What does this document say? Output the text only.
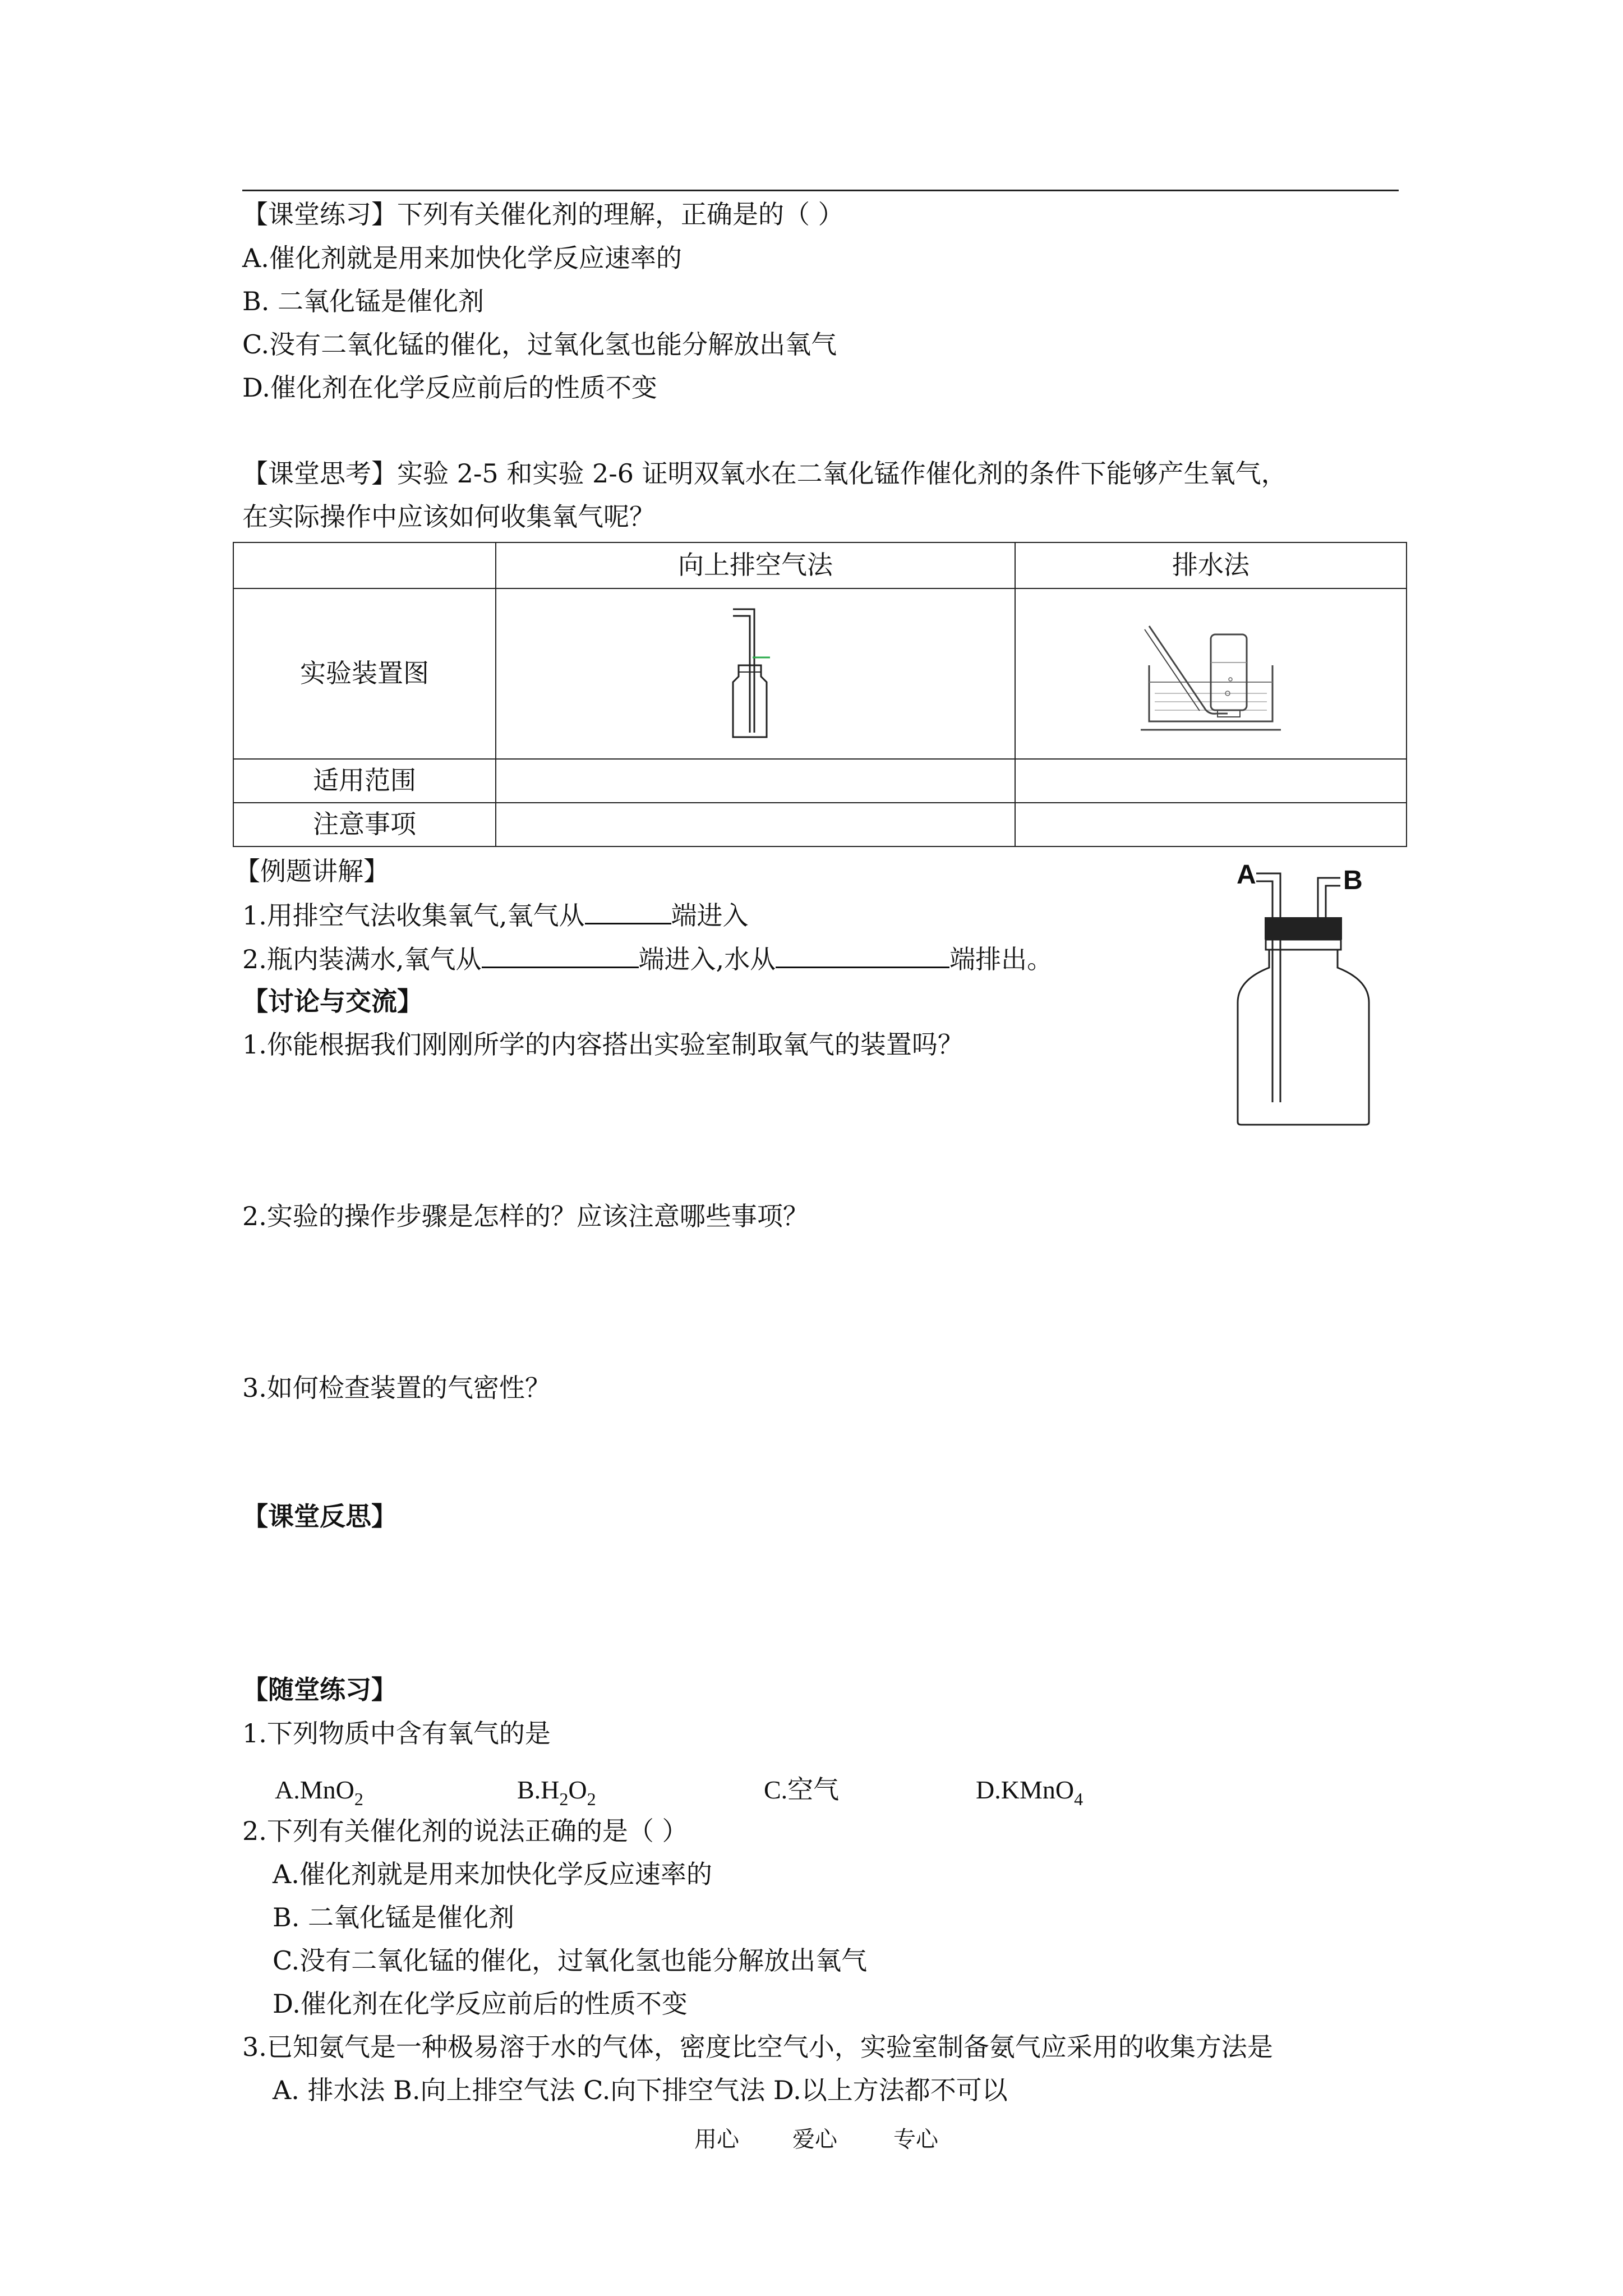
【课堂练习】下列有关催化剂的理解，正确是的（ ）
A.催化剂就是用来加快化学反应速率的
B. 二氧化锰是催化剂
C.没有二氧化锰的催化，过氧化氢也能分解放出氧气
D.催化剂在化学反应前后的性质不变
【课堂思考】实验 2-5 和实验 2-6 证明双氧水在二氧化锰作催化剂的条件下能够产生氧气，
在实际操作中应该如何收集氧气呢？
	向上排空气法	排水法
实验装置图	

适用范围		
注意事项		
【例题讲解】
1.用排空气法收集氧气,氧气从	端进入
2.瓶内装满水,氧气从	端进入,水从	端排出。
A	B
【讨论与交流】
1.你能根据我们刚刚所学的内容搭出实验室制取氧气的装置吗？
2.实验的操作步骤是怎样的？应该注意哪些事项？
3.如何检查装置的气密性？
【课堂反思】
【随堂练习】
1.下列物质中含有氧气的是
A.MnO$_2$	$B.H_2O_2$	C.空气	D.KMnO$_4$
2.下列有关催化剂的说法正确的是（ ）
A.催化剂就是用来加快化学反应速率的
B. 二氧化锰是催化剂
C.没有二氧化锰的催化，过氧化氢也能分解放出氧气
D.催化剂在化学反应前后的性质不变
3.已知氨气是一种极易溶于水的气体，密度比空气小，实验室制备氨气应采用的收集方法是
A. 排水法 B.向上排空气法 C.向下排空气法 D.以上方法都不可以
用心 爱心	专心
